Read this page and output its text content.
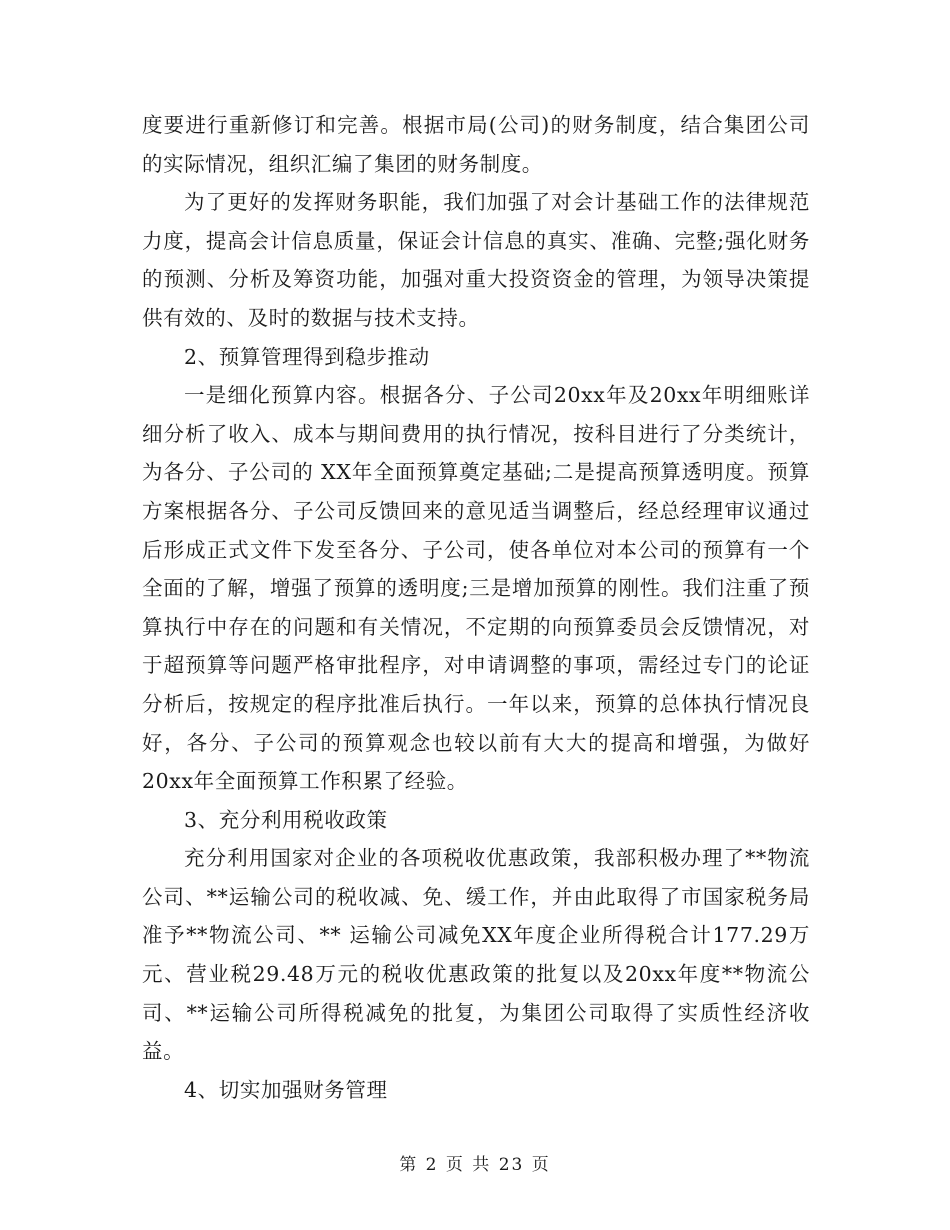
度要进行重新修订和完善。根据市局(公司)的财务制度，结合集团公司的实际情况，组织汇编了集团的财务制度。

为了更好的发挥财务职能，我们加强了对会计基础工作的法律规范力度，提高会计信息质量，保证会计信息的真实、准确、完整;强化财务的预测、分析及筹资功能，加强对重大投资资金的管理，为领导决策提供有效的、及时的数据与技术支持。

2、预算管理得到稳步推动

一是细化预算内容。根据各分、子公司20xx年及20xx年明细账详细分析了收入、成本与期间费用的执行情况，按科目进行了分类统计，为各分、子公司的 XX年全面预算奠定基础;二是提高预算透明度。预算方案根据各分、子公司反馈回来的意见适当调整后，经总经理审议通过后形成正式文件下发至各分、子公司，使各单位对本公司的预算有一个全面的了解，增强了预算的透明度;三是增加预算的刚性。我们注重了预算执行中存在的问题和有关情况，不定期的向预算委员会反馈情况，对于超预算等问题严格审批程序，对申请调整的事项，需经过专门的论证分析后，按规定的程序批准后执行。一年以来，预算的总体执行情况良好，各分、子公司的预算观念也较以前有大大的提高和增强，为做好20xx年全面预算工作积累了经验。

3、充分利用税收政策

充分利用国家对企业的各项税收优惠政策，我部积极办理了**物流公司、**运输公司的税收减、免、缓工作，并由此取得了市国家税务局准予**物流公司、** 运输公司减免XX年度企业所得税合计177.29万元、营业税29.48万元的税收优惠政策的批复以及20xx年度**物流公司、**运输公司所得税减免的批复，为集团公司取得了实质性经济收益。

4、切实加强财务管理

第 2 页 共 23 页
